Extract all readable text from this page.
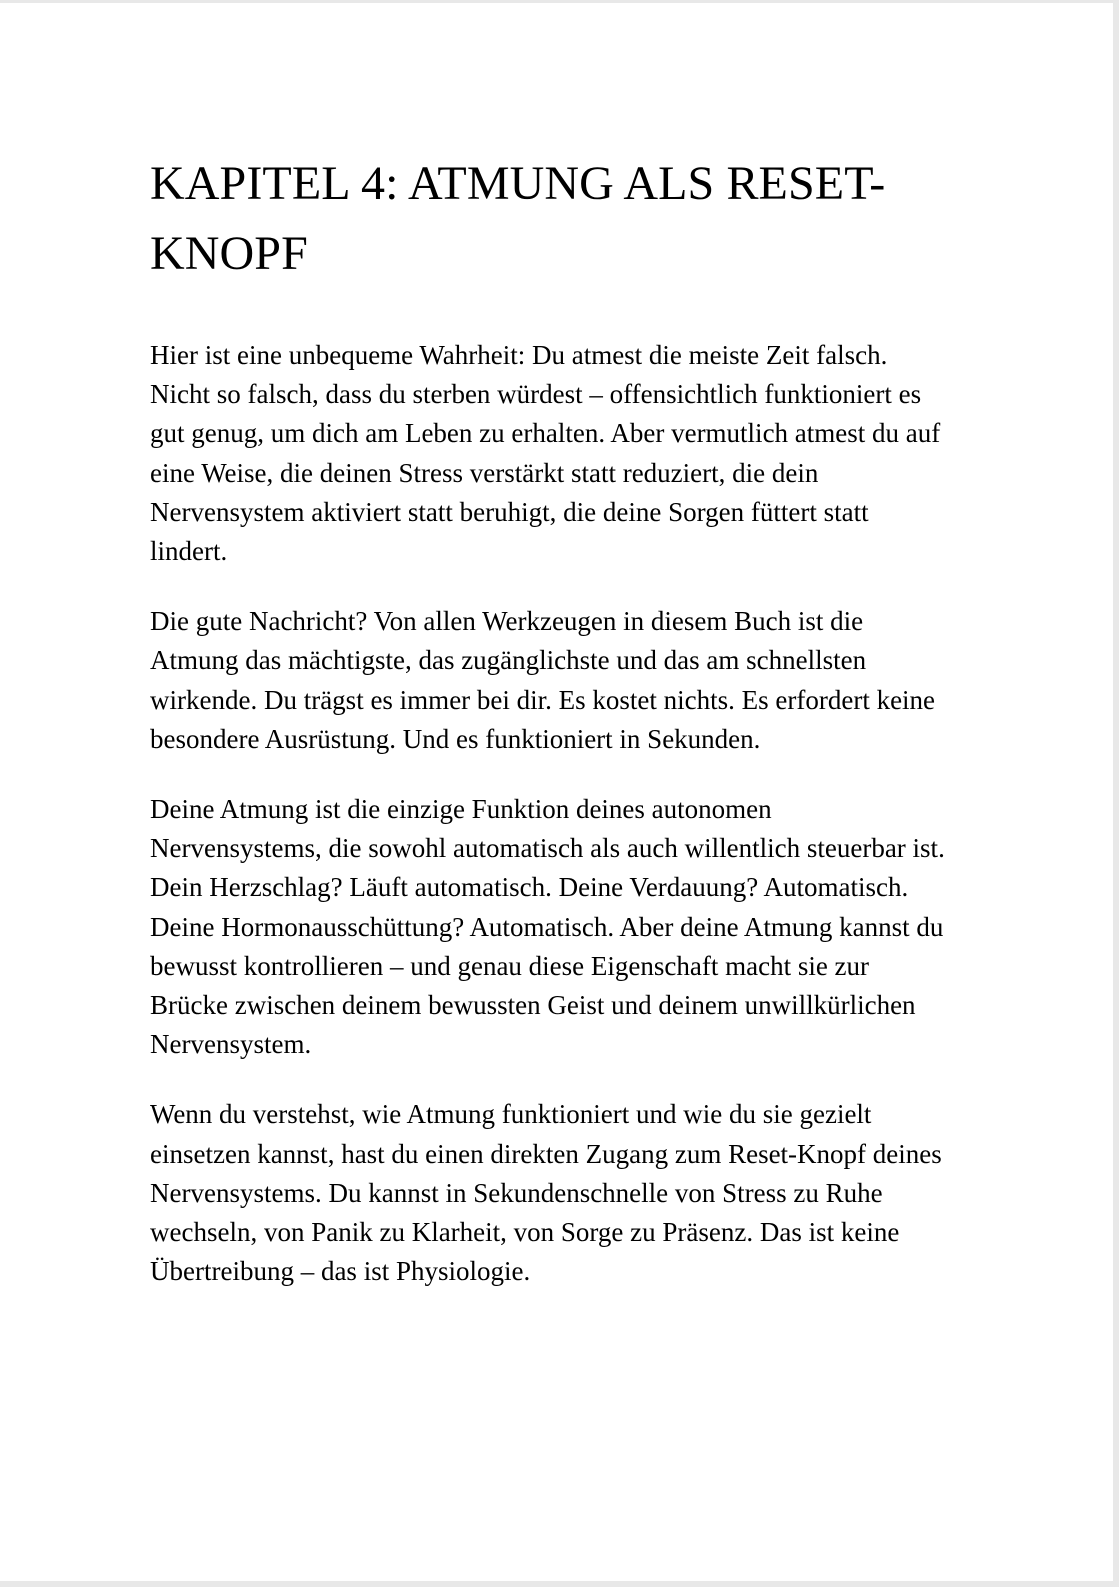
KAPITEL 4: ATMUNG ALS RESET-KNOPF

Hier ist eine unbequeme Wahrheit: Du atmest die meiste Zeit falsch. Nicht so falsch, dass du sterben würdest – offensichtlich funktioniert es gut genug, um dich am Leben zu erhalten. Aber vermutlich atmest du auf eine Weise, die deinen Stress verstärkt statt reduziert, die dein Nervensystem aktiviert statt beruhigt, die deine Sorgen füttert statt lindert.

Die gute Nachricht? Von allen Werkzeugen in diesem Buch ist die Atmung das mächtigste, das zugänglichste und das am schnellsten wirkende. Du trägst es immer bei dir. Es kostet nichts. Es erfordert keine besondere Ausrüstung. Und es funktioniert in Sekunden.

Deine Atmung ist die einzige Funktion deines autonomen Nervensystems, die sowohl automatisch als auch willentlich steuerbar ist. Dein Herzschlag? Läuft automatisch. Deine Verdauung? Automatisch. Deine Hormonausschüttung? Automatisch. Aber deine Atmung kannst du bewusst kontrollieren – und genau diese Eigenschaft macht sie zur Brücke zwischen deinem bewussten Geist und deinem unwillkürlichen Nervensystem.

Wenn du verstehst, wie Atmung funktioniert und wie du sie gezielt einsetzen kannst, hast du einen direkten Zugang zum Reset-Knopf deines Nervensystems. Du kannst in Sekundenschnelle von Stress zu Ruhe wechseln, von Panik zu Klarheit, von Sorge zu Präsenz. Das ist keine Übertreibung – das ist Physiologie.
